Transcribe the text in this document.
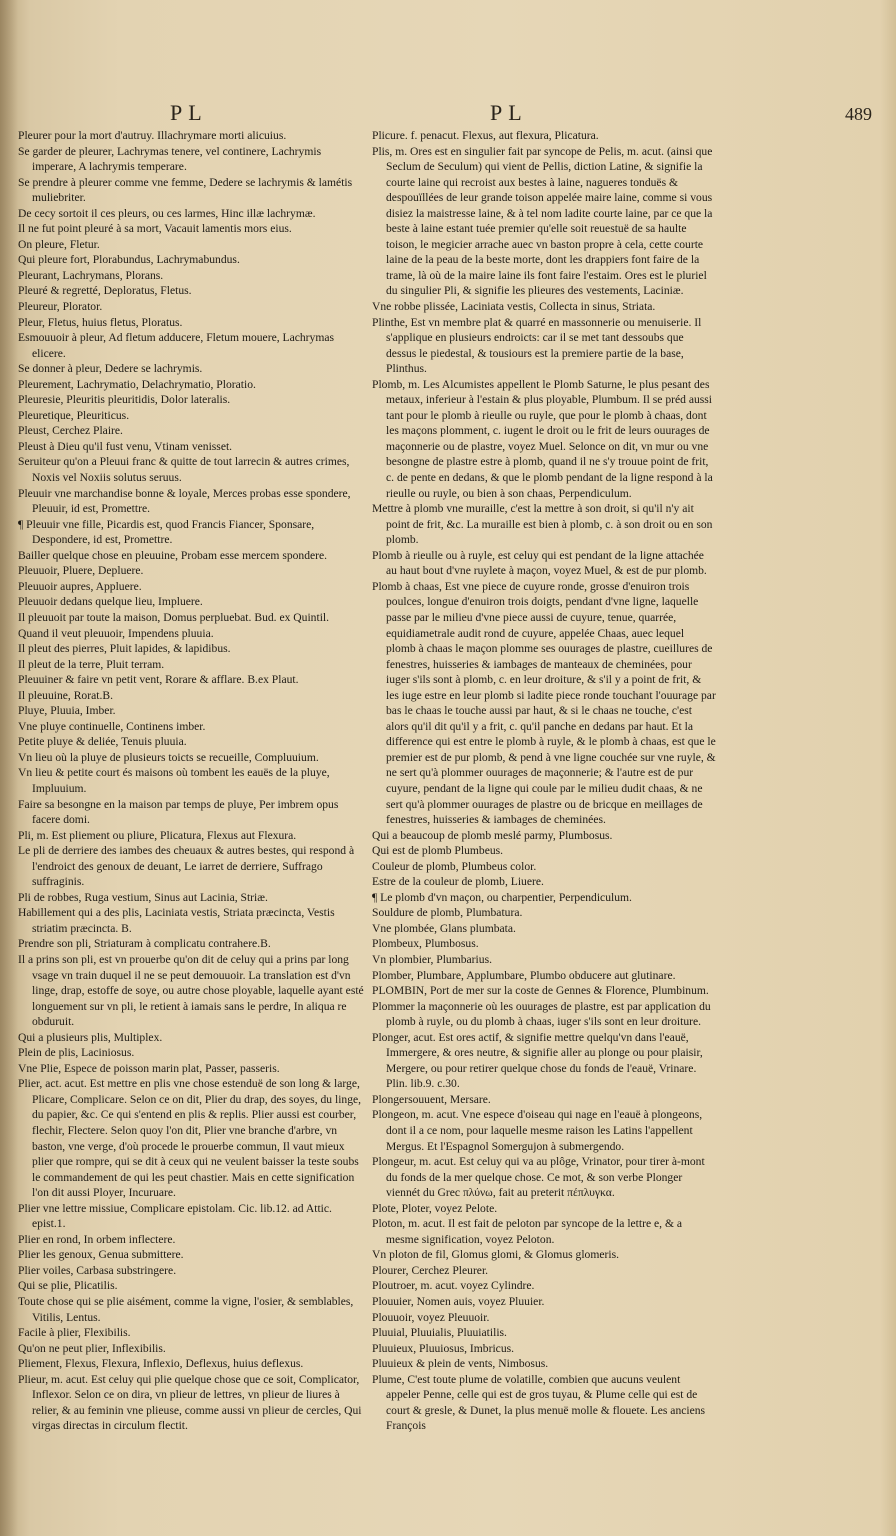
PL	PL	489

Pleurer pour la mort d'autruy. Illachrymare morti alicuius.

Se garder de pleurer, Lachrymas tenere, vel continere, Lachrymis imperare, A lachrymis temperare.

Se prendre à pleurer comme vne femme, Dedere se lachrymis & lamétis muliebriter.

De cecy sortoit il ces pleurs, ou ces larmes, Hinc illæ lachrymæ.

Il ne fut point pleuré à sa mort, Vacauit lamentis mors eius.

On pleure, Fletur.

Qui pleure fort, Plorabundus, Lachrymabundus.

Pleurant, Lachrymans, Plorans.

Pleuré & regretté, Deploratus, Fletus.

Pleureur, Plorator.

Pleur, Fletus, huius fletus, Ploratus.

Esmouuoir à pleur, Ad fletum adducere, Fletum mouere, Lachrymas elicere.

Se donner à pleur, Dedere se lachrymis.

Pleurement, Lachrymatio, Delachrymatio, Ploratio.

Pleuresie, Pleuritis pleuritidis, Dolor lateralis.

Pleuretique, Pleuriticus.

Pleust, Cerchez Plaire.

Pleust à Dieu qu'il fust venu, Vtinam venisset.

Seruiteur qu'on a Pleuui franc & quitte de tout larrecin & autres crimes, Noxis vel Noxiis solutus seruus.

Pleuuir vne marchandise bonne & loyale, Merces probas esse spondere, Pleuuir, id est, Promettre.

¶ Pleuuir vne fille, Picardis est, quod Francis Fiancer, Sponsare, Despondere, id est, Promettre.

Bailler quelque chose en pleuuine, Probam esse mercem spondere.

Pleuuoir, Pluere, Depluere.

Pleuuoir aupres, Appluere.

Pleuuoir dedans quelque lieu, Impluere.

Il pleuuoit par toute la maison, Domus perpluebat. Bud. ex Quintil.

Quand il veut pleuuoir, Impendens pluuia.

Il pleut des pierres, Pluit lapides, & lapidibus.

Il pleut de la terre, Pluit terram.

Pleuuiner & faire vn petit vent, Rorare & afflare. B.ex Plaut.

Il pleuuine, Rorat.B.

Pluye, Pluuia, Imber.

Vne pluye continuelle, Continens imber.

Petite pluye & deliée, Tenuis pluuia.

Vn lieu où la pluye de plusieurs toicts se recueille, Compluuium.

Vn lieu & petite court és maisons où tombent les eauës de la pluye, Impluuium.

Faire sa besongne en la maison par temps de pluye, Per imbrem opus facere domi.

Pli, m. Est pliement ou pliure, Plicatura, Flexus aut Flexura.

Le pli de derriere des iambes des cheuaux & autres bestes, qui respond à l'endroict des genoux de deuant, Le iarret de derriere, Suffrago suffraginis.

Pli de robbes, Ruga vestium, Sinus aut Lacinia, Striæ.

Habillement qui a des plis, Laciniata vestis, Striata præcincta, Vestis striatim præcincta. B.

Prendre son pli, Striaturam à complicatu contrahere.B.

Il a prins son pli, est vn prouerbe qu'on dit de celuy qui a prins par long vsage vn train duquel il ne se peut demouuoir. La translation est d'vn linge, drap, estoffe de soye, ou autre chose ployable, laquelle ayant esté longuement sur vn pli, le retient à iamais sans le perdre, In aliqua re obduruit.

Qui a plusieurs plis, Multiplex.

Plein de plis, Laciniosus.

Vne Plie, Espece de poisson marin plat, Passer, passeris.

Plier, act. acut. Est mettre en plis vne chose estenduë de son long & large, Plicare, Complicare. Selon ce on dit, Plier du drap, des soyes, du linge, du papier, &c. Ce qui s'entend en plis & replis. Plier aussi est courber, flechir, Flectere. Selon quoy l'on dit, Plier vne branche d'arbre, vn baston, vne verge, d'où procede le prouerbe commun, Il vaut mieux plier que rompre, qui se dit à ceux qui ne veulent baisser la teste soubs le commandement de qui les peut chastier. Mais en cette signification l'on dit aussi Ployer, Incuruare.

Plier vne lettre missiue, Complicare epistolam. Cic. lib.12. ad Attic. epist.1.

Plier en rond, In orbem inflectere.

Plier les genoux, Genua submittere.

Plier voiles, Carbasa substringere.

Qui se plie, Plicatilis.

Toute chose qui se plie aisément, comme la vigne, l'osier, & semblables, Vitilis, Lentus.

Facile à plier, Flexibilis.

Qu'on ne peut plier, Inflexibilis.

Pliement, Flexus, Flexura, Inflexio, Deflexus, huius deflexus.

Plieur, m. acut. Est celuy qui plie quelque chose que ce soit, Complicator, Inflexor. Selon ce on dira, vn plieur de lettres, vn plieur de liures à relier, & au feminin vne plieuse, comme aussi vn plieur de cercles, Qui virgas directas in circulum flectit.

Plicure. f. penacut. Flexus, aut flexura, Plicatura.

Plis, m. Ores est en singulier fait par syncope de Pelis, m. acut. (ainsi que Seclum de Seculum) qui vient de Pellis, diction Latine, & signifie la courte laine qui recroist aux bestes à laine, nagueres tonduës & despouïllées de leur grande toison appelée maire laine, comme si vous disiez la maistresse laine, & à tel nom ladite courte laine, par ce que la beste à laine estant tuée premier qu'elle soit reuestuë de sa haulte toison, le megicier arrache auec vn baston propre à cela, cette courte laine de la peau de la beste morte, dont les drappiers font faire de la trame, là où de la maire laine ils font faire l'estaim. Ores est le pluriel du singulier Pli, & signifie les plieures des vestements, Laciniæ.

Vne robbe plissée, Laciniata vestis, Collecta in sinus, Striata.

Plinthe, Est vn membre plat & quarré en massonnerie ou menuiserie. Il s'applique en plusieurs endroicts: car il se met tant dessoubs que dessus le piedestal, & tousiours est la premiere partie de la base, Plinthus.

Plomb, m. Les Alcumistes appellent le Plomb Saturne, le plus pesant des metaux, inferieur à l'estain & plus ployable, Plumbum. Il se préd aussi tant pour le plomb à rieulle ou ruyle, que pour le plomb à chaas, dont les maçons plomment, c. iugent le droit ou le frit de leurs ouurages de maçonnerie ou de plastre, voyez Muel. Selonce on dit, vn mur ou vne besongne de plastre estre à plomb, quand il ne s'y trouue point de frit, c. de pente en dedans, & que le plomb pendant de la ligne respond à la rieulle ou ruyle, ou bien à son chaas, Perpendiculum.

Mettre à plomb vne muraille, c'est la mettre à son droit, si qu'il n'y ait point de frit, &c. La muraille est bien à plomb, c. à son droit ou en son plomb.

Plomb à rieulle ou à ruyle, est celuy qui est pendant de la ligne attachée au haut bout d'vne ruylete à maçon, voyez Muel, & est de pur plomb.

Plomb à chaas, Est vne piece de cuyure ronde, grosse d'enuiron trois poulces, longue d'enuiron trois doigts, pendant d'vne ligne, laquelle passe par le milieu d'vne piece aussi de cuyure, tenue, quarrée, equidiametrale audit rond de cuyure, appelée Chaas, auec lequel plomb à chaas le maçon plomme ses ouurages de plastre, cueillures de fenestres, huisseries & iambages de manteaux de cheminées, pour iuger s'ils sont à plomb, c. en leur droiture, & s'il y a point de frit, & les iuge estre en leur plomb si ladite piece ronde touchant l'ouurage par bas le chaas le touche aussi par haut, & si le chaas ne touche, c'est alors qu'il dit qu'il y a frit, c. qu'il panche en dedans par haut. Et la difference qui est entre le plomb à ruyle, & le plomb à chaas, est que le premier est de pur plomb, & pend à vne ligne couchée sur vne ruyle, & ne sert qu'à plommer ouurages de maçonnerie; & l'autre est de pur cuyure, pendant de la ligne qui coule par le milieu dudit chaas, & ne sert qu'à plommer ouurages de plastre ou de bricque en meillages de fenestres, huisseries & iambages de cheminées.

Qui a beaucoup de plomb meslé parmy, Plumbosus.

Qui est de plomb Plumbeus.

Couleur de plomb, Plumbeus color.

Estre de la couleur de plomb, Liuere.

¶ Le plomb d'vn maçon, ou charpentier, Perpendiculum.

Souldure de plomb, Plumbatura.

Vne plombée, Glans plumbata.

Plombeux, Plumbosus.

Vn plombier, Plumbarius.

Plomber, Plumbare, Applumbare, Plumbo obducere aut glutinare.

PLOMBIN, Port de mer sur la coste de Gennes & Florence, Plumbinum.

Plommer la maçonnerie où les ouurages de plastre, est par application du plomb à ruyle, ou du plomb à chaas, iuger s'ils sont en leur droiture.

Plonger, acut. Est ores actif, & signifie mettre quelqu'vn dans l'eauë, Immergere, & ores neutre, & signifie aller au plonge ou pour plaisir, Mergere, ou pour retirer quelque chose du fonds de l'eauë, Vrinare. Plin. lib.9. c.30.

Plongersouuent, Mersare.

Plongeon, m. acut. Vne espece d'oiseau qui nage en l'eauë à plongeons, dont il a ce nom, pour laquelle mesme raison les Latins l'appellent Mergus. Et l'Espagnol Somergujon à submergendo.

Plongeur, m. acut. Est celuy qui va au plôge, Vrinator, pour tirer à-mont du fonds de la mer quelque chose. Ce mot, & son verbe Plonger viennét du Grec πλύνω, fait au preterit πέπλυγκα.

Plote, Ploter, voyez Pelote.

Ploton, m. acut. Il est fait de peloton par syncope de la lettre e, & a mesme signification, voyez Peloton.

Vn ploton de fil, Glomus glomi, & Glomus glomeris.

Plourer, Cerchez Pleurer.

Ploutroer, m. acut. voyez Cylindre.

Plouuier, Nomen auis, voyez Pluuier.

Plouuoir, voyez Pleuuoir.

Pluuial, Pluuialis, Pluuiatilis.

Pluuieux, Pluuiosus, Imbricus.

Pluuieux & plein de vents, Nimbosus.

Plume, C'est toute plume de volatille, combien que aucuns veulent appeler Penne, celle qui est de gros tuyau, & Plume celle qui est de court & gresle, & Dunet, la plus menuë molle & flouete. Les anciens François
